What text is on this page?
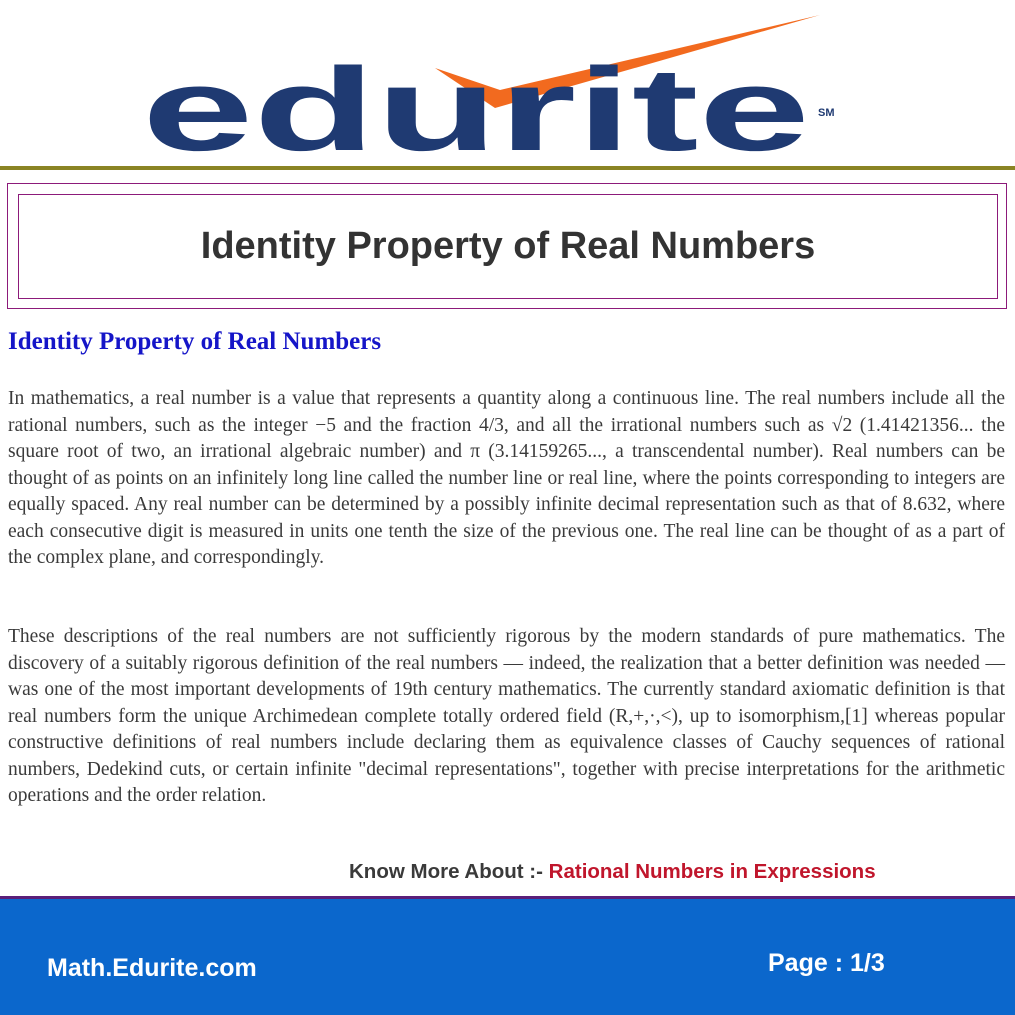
edurite SM
Identity Property of Real Numbers
Identity Property of Real Numbers

In mathematics, a real number is a value that represents a quantity along a continuous line. The real numbers include all the rational numbers, such as the integer −5 and the fraction 4/3, and all the irrational numbers such as √2 (1.41421356... the square root of two, an irrational algebraic number) and π (3.14159265..., a transcendental number). Real numbers can be thought of as points on an infinitely long line called the number line or real line, where the points corresponding to integers are equally spaced. Any real number can be determined by a possibly infinite decimal representation such as that of 8.632, where each consecutive digit is measured in units one tenth the size of the previous one. The real line can be thought of as a part of the complex plane, and correspondingly.

These descriptions of the real numbers are not sufficiently rigorous by the modern standards of pure mathematics. The discovery of a suitably rigorous definition of the real numbers — indeed, the realization that a better definition was needed — was one of the most important developments of 19th century mathematics. The currently standard axiomatic definition is that real numbers form the unique Archimedean complete totally ordered field (R,+,·,<), up to isomorphism,[1] whereas popular constructive definitions of real numbers include declaring them as equivalence classes of Cauchy sequences of rational numbers, Dedekind cuts, or certain infinite "decimal representations", together with precise interpretations for the arithmetic operations and the order relation.

Know More About :- Rational Numbers in Expressions

Math.Edurite.com	Page : 1/3
